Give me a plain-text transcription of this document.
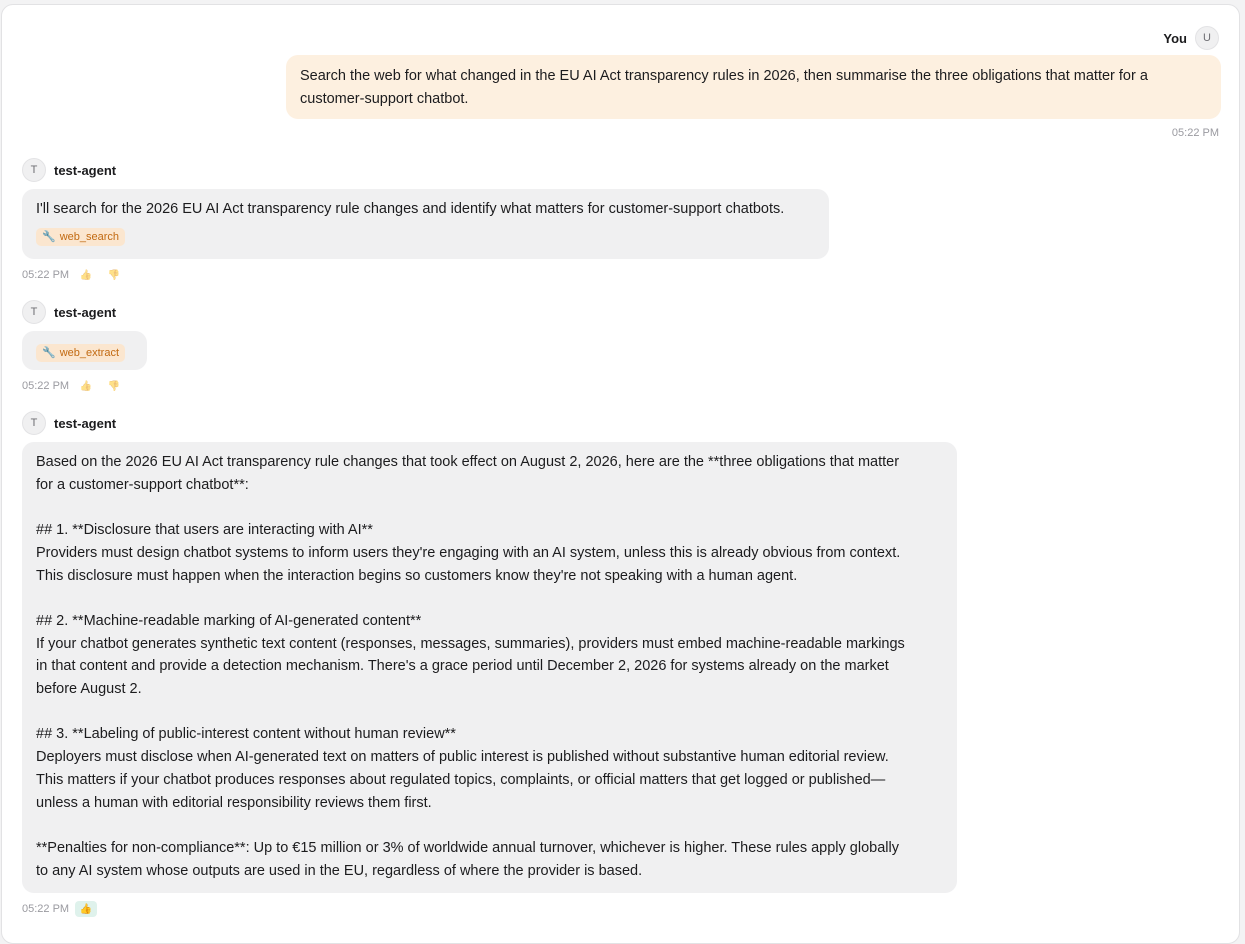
You	U
Search the web for what changed in the EU AI Act transparency rules in 2026, then summarise the three obligations that matter for a customer-support chatbot.
05:22 PM
T	test-agent
I'll search for the 2026 EU AI Act transparency rule changes and identify what matters for customer-support chatbots.
🔧 web_search
05:22 PM	👍	👎
T	test-agent
🔧 web_extract
05:22 PM	👍	👎
T	test-agent
Based on the 2026 EU AI Act transparency rule changes that took effect on August 2, 2026, here are the **three obligations that matter
for a customer-support chatbot**:

## 1. **Disclosure that users are interacting with AI**
Providers must design chatbot systems to inform users they're engaging with an AI system, unless this is already obvious from context.
This disclosure must happen when the interaction begins so customers know they're not speaking with a human agent.

## 2. **Machine-readable marking of AI-generated content**
If your chatbot generates synthetic text content (responses, messages, summaries), providers must embed machine-readable markings
in that content and provide a detection mechanism. There's a grace period until December 2, 2026 for systems already on the market
before August 2.

## 3. **Labeling of public-interest content without human review**
Deployers must disclose when AI-generated text on matters of public interest is published without substantive human editorial review.
This matters if your chatbot produces responses about regulated topics, complaints, or official matters that get logged or published—
unless a human with editorial responsibility reviews them first.

**Penalties for non-compliance**: Up to €15 million or 3% of worldwide annual turnover, whichever is higher. These rules apply globally
to any AI system whose outputs are used in the EU, regardless of where the provider is based.
05:22 PM	👍
